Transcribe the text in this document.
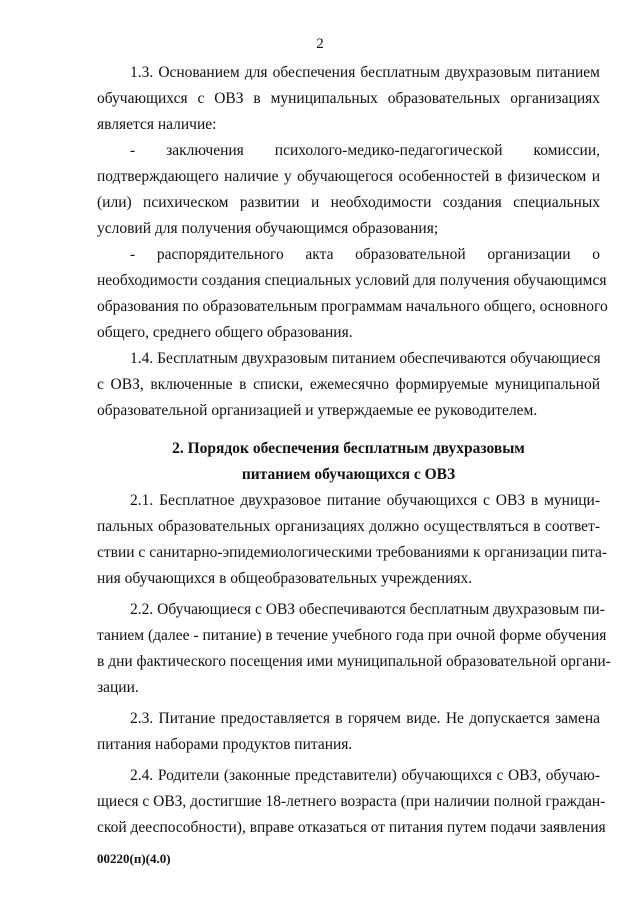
2
1.3. Основанием для обеспечения бесплатным двухразовым питанием
обучающихся с ОВЗ в муниципальных образовательных организациях
является наличие:
- заключения психолого-медико-педагогической комиссии,
подтверждающего наличие у обучающегося особенностей в физическом и
(или) психическом развитии и необходимости создания специальных
условий для получения обучающимся образования;
- распорядительного акта образовательной организации о
необходимости создания специальных условий для получения обучающимся
образования по образовательным программам начального общего, основного
общего, среднего общего образования.
1.4. Бесплатным двухразовым питанием обеспечиваются обучающиеся
с ОВЗ, включенные в списки, ежемесячно формируемые муниципальной
образовательной организацией и утверждаемые ее руководителем.
2. Порядок обеспечения бесплатным двухразовым
питанием обучающихся с ОВЗ
2.1. Бесплатное двухразовое питание обучающихся с ОВЗ в муници-
пальных образовательных организациях должно осуществляться в соответ-
ствии с санитарно-эпидемиологическими требованиями к организации пита-
ния обучающихся в общеобразовательных учреждениях.
2.2. Обучающиеся с ОВЗ обеспечиваются бесплатным двухразовым пи-
танием (далее - питание) в течение учебного года при очной форме обучения
в дни фактического посещения ими муниципальной образовательной органи-
зации.
2.3. Питание предоставляется в горячем виде. Не допускается замена
питания наборами продуктов питания.
2.4. Родители (законные представители) обучающихся с ОВЗ, обучаю-
щиеся с ОВЗ, достигшие 18-летнего возраста (при наличии полной граждан-
ской дееспособности), вправе отказаться от питания путем подачи заявления
00220(п)(4.0)
